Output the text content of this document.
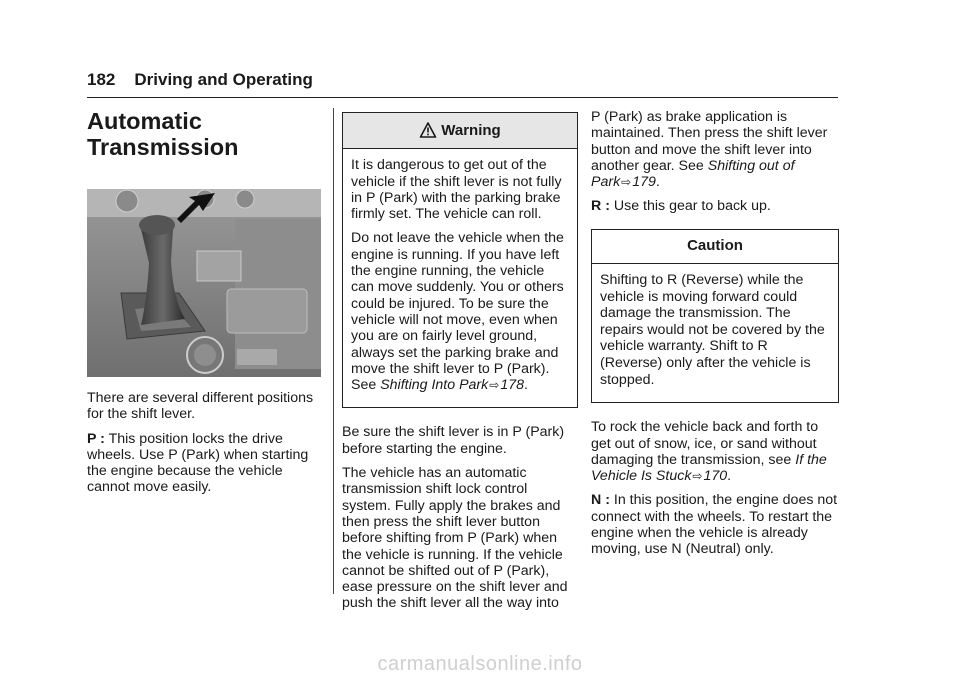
182 Driving and Operating
Automatic
Transmission

There are several different positions for the shift lever.

P : This position locks the drive wheels. Use P (Park) when starting the engine because the vehicle cannot move easily.

Warning

It is dangerous to get out of the vehicle if the shift lever is not fully in P (Park) with the parking brake firmly set. The vehicle can roll.

Do not leave the vehicle when the engine is running. If you have left the engine running, the vehicle can move suddenly. You or others could be injured. To be sure the vehicle will not move, even when you are on fairly level ground, always set the parking brake and move the shift lever to P (Park).
See Shifting Into Park⇨178.

Be sure the shift lever is in P (Park) before starting the engine.

The vehicle has an automatic transmission shift lock control system. Fully apply the brakes and then press the shift lever button before shifting from P (Park) when the vehicle is running. If the vehicle cannot be shifted out of P (Park), ease pressure on the shift lever and push the shift lever all the way into

P (Park) as brake application is maintained. Then press the shift lever button and move the shift lever into another gear. See Shifting out of Park⇨179.

R : Use this gear to back up.

Caution

Shifting to R (Reverse) while the vehicle is moving forward could damage the transmission. The repairs would not be covered by the vehicle warranty. Shift to R (Reverse) only after the vehicle is stopped.

To rock the vehicle back and forth to get out of snow, ice, or sand without damaging the transmission, see If the Vehicle Is Stuck⇨170.

N : In this position, the engine does not connect with the wheels. To restart the engine when the vehicle is already moving, use N (Neutral) only.

carmanualsonline.info
